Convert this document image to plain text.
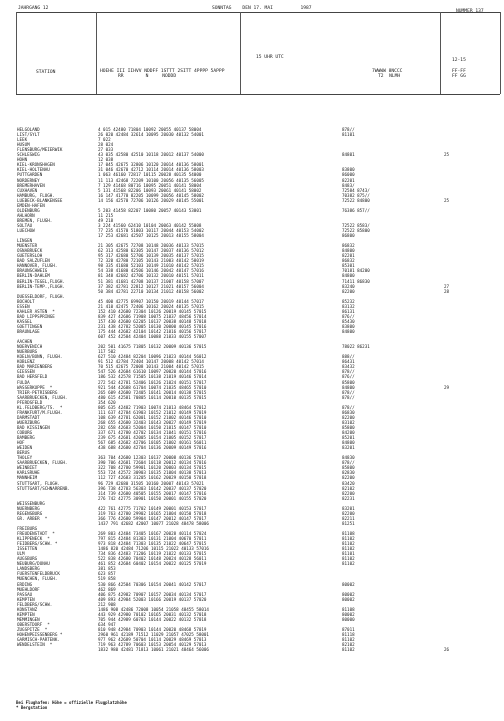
JAHRGANG 12	SONNTAG    DEN 17. MAI          1987
NUMMER 137
15 UHR UTC
12-15
STATION	HOEHE III IIHVV NDDFF 1STTT 2SITT 4PPPP 5APPP
RR        N     NODDD
7WWWW 8NCCC
T2  NLMH
FF-FF
FF GG
HELGOLAND	4 015 42480 71804 10092 20055 40137 58004	878//
LIST/SYLT	26 020 42484 32614 10095 20030 40132 54001	81101
LEEK	7 022
HUSUM	28 024
FLENSBURG/MEIERWIK	27 033
SCHLESWIG	43 035 42580 42510 10118 20012 40137 54000	84801	25
HOHN	12 038
KIEL-KRONSHAGEN	17 045 42675 32806 10120 20014 40136 58001
KIEL-HOLTENAU	31 046 42670 42712 10114 20014 40136 58003	83800
PUTTGARDEN	1 063 46160 72817 10115 20028 40135 54000	86000
NORDERNEY	11 113 42468 72209 10100 20056 40135 56005	82201
BREMERHAVEN	7 129 41468 80716 10095 20051 40141 58004	8483/
CUXHAVEN	5 131 41568 82206 10093 20061 40141 58002	72584 8743/
HAMBURG, FLUGH.	16 147 41770 82205 10099 20056 40145 58002	70382 875//
LUEBECK-BLANKENSEE	14 156 42570 72706 10126 20029 40145 55001	72522 84800	25
EMDEN-HAFEN
OLDENBURG	5 203 41458 82207 10080 20057 40143 53001	76386 857//
AHLHORN	11 215
BREMEN, FLUGH.	49 218
SOLTAU	3 224 41560 62410 10104 20063 40142 55008	72522 8583/
LUECHOW	77 235 41570 51803 10117 20044 40153 54002	72522 85800
17 253 42681 42507 10125 20013 40155 58004	86800
LINGEN
MUENSTER	21 305 42675 72708 10148 20036 40133 57015	86832
OSNABRUECK	62 313 42580 62305 10147 20037 40136 57012	84800
GUETERSLOH	95 317 42680 52706 10139 20035 40137 57015	82201
BAD SALZUFLEN	72 320 42780 72105 10143 21003 40142 58019	86832
HANNOVER, FLUGH.	98 335 41680 52103 10149 21010 40142 57015	85301
BRAUNSCHWEIG	54 338 41680 42506 10146 20042 40147 57016	70181 84200
BERLIN-DAHLEM	81 348 42682 42706 10132 20010 40151 57011	84800
BERLIN-TEGEL,FLUGH.	51 381 41681 42708 10137 21007 40158 57007	71411 86830
BERLIN-TEMP.,FLUGH.	37 382 42781 22812 10127 21021 40157 56004	83240	27
50 384 42781 22710 10134 21012 40158 56002	82200	28
DUESSELDORF, FLUGH.
BOCHOLT	45 400 42775 69907 10150 20019 40144 57017	85232
ESSEN	21 410 42475 72406 10162 20024 40135 57015	83132
KAHLER ASTEN  *	152 410 42680 72304 10126 20019 40145 57015	86131
BAD LIPPSPRINGE	839 427 42686 71908 10075 21037 48456 57014	876//
KASSEL	157 430 42680 62205 10137 20038 40148 57018	85430
GOETTINGEN	231 438 42782 52005 10130 20000 40145 57016	83800
BRAUNLAGE	175 444 42682 42104 10142 21016 40156 57017	84800
607 452 42584 42404 10088 21033 40155 57007
AACHEN
NOERVENICH	202 501 41675 71805 10132 20009 40136 57015	78022 86231
NUERBURG	117 502
KOELN/BONN, FLUGH.	627 510 42484 82204 10096 21023 40144 56012	888//
KOBLENZ	91 512 42784 72404 10147 20008 40142 57014	86431
BAD MARIENBERG	70 515 42675 72008 10143 21004 40142 57015	83432
GIESSEN	547 526 42684 61610 10097 20020 40144 57016	878//
BAD HERSFELD	186 532 42578 71505 10138 21019 40146 57014	876//
FULDA	272 542 42781 52406 10126 21024 40151 57017	85800
WASSERKUPPE  *	921 544 42688 61704 10074 21035 48465 57010	84800	29
TRIER-PETRISBERG	265 609 42680 72405 10141 20014 40138 57015	878//
SAARBRUECKEN, FLUGH.	480 615 42581 70805 10114 20010 40135 57015	878//
PFERDSFELD	354 620
KL.FELDBERG/TS.  *	805 635 42482 71903 10074 21013 48464 57012	878//
FRANKFURT/M.FLUGH.	111 637 42784 61903 10152 21012 40149 57019	86830
DARMSTADT	108 639 42781 62001 10152 21002 40146 57010	82200
WUERZBURG	268 655 42680 32403 10143 20027 40149 57019	83102
BAD KISSINGEN	282 658 42683 52004 10150 21015 40147 57010	85800
COBURG	337 671 42780 42702 10134 21041 40151 57016	84200
BAMBERG	239 675 42681 42005 10154 21005 40152 57017	85201
HOF	567 685 42682 42706 10105 21002 40161 56011	84800
WEIDEN	438 688 42680 42704 10136 20009 40149 57016	83201
BERUS
THOLEY	363 704 42680 12303 10137 20008 40136 57017	84830
SAARBRUECKEN, FLUGH.	390 706 42681 72604 10118 20012 40134 57016	878//
WEINBIET	322 708 42780 59901 10120 20003 40134 57015	85800
KARLSRUHE	553 724 42572 30903 10135 21004 40138 57013	82830
MANNHEIM	112 727 42683 31205 10162 20029 40150 57018	82200
STUTTGART, FLUGH.	96 729 42680 31505 10160 20007 40143 57021	83420
STUTTGART/SCHNARRENB.	396 738 42783 56303 10142 20037 40137 57020	82102
314 739 42680 40505 10155 20017 40147 57016	82200
276 742 42775 30901 10150 20001 40155 57020	82231
WEISSENBURG
NUERNBERG	422 761 42775 71702 10149 20001 40153 57017	83201
REGENSBURG	319 763 42780 29902 10165 21004 40150 57018	82200
GR. ARBER  *	366 776 42680 59904 10147 20012 40147 57017	82211
1437 791 42682 42007 10077 21028 48478 58006	81251
FREIBURG
FREUDENSTADT  *	269 803 42484 73405 10167 20028 40114 57024	81108
KLIPPENECK  *	797 815 42484 81303 10131 21004 40670 57011	81102
FEIDBERG/SCHW. *	973 818 42484 71303 10135 21022 40647 57015	81102
ISSETTEN	1486 820 42484 71206 10115 21022 40133 57016	81102
ULM	734 836 42483 71206 10119 21022 40133 57015	81101
AUGSBURG	522 838 42680 70402 10148 20024 40128 56011	81102
NEUBURG/DONAU	461 852 42684 60402 10154 20022 40125 57019	81102
LANDSBERG	381 853
FUERSTENFELDBRUCK	623 857
MUENCHEN, FLUGH.	519 858
ERDING	530 866 42584 70306 10154 20041 40142 57017	80002
MUEHLDORF	462 869
PASSAU	406 875 42982 70907 10157 20034 40134 57017	80002
KEMPTEN	409 893 42984 52003 10166 20019 40137 57020	80002
FELDBERG/SCHW.	212 908
KONSTANZ	1486 908 42486 72008 10054 21058 48455 58014	81108
KEMPTEN	443 929 42980 70102 10165 20031 40132 57018	80002
MEMMINGEN	705 944 42989 60703 10144 20022 40132 57018	80000
OBERSTDORF  *	634 947
ZUGSPITZE  *	810 948 42984 70903 10144 20020 48468 57019	87011
HOHENPEISSENBERG *	2960 961 42189 71512 11029 21057 47025 58001	81118
GARMISCH-PARTENK.	977 962 42689 50704 10114 20029 48469 57013	81102
WENDELSTEIN  *	719 963 42789 70603 10153 20054 40129 57013	82102
1832 980 42481 71813 10061 21021 48464 56006	81102	26
Bei Flughafen: Höhe = offizielle Flugplatzhöhe
* Bergstation
